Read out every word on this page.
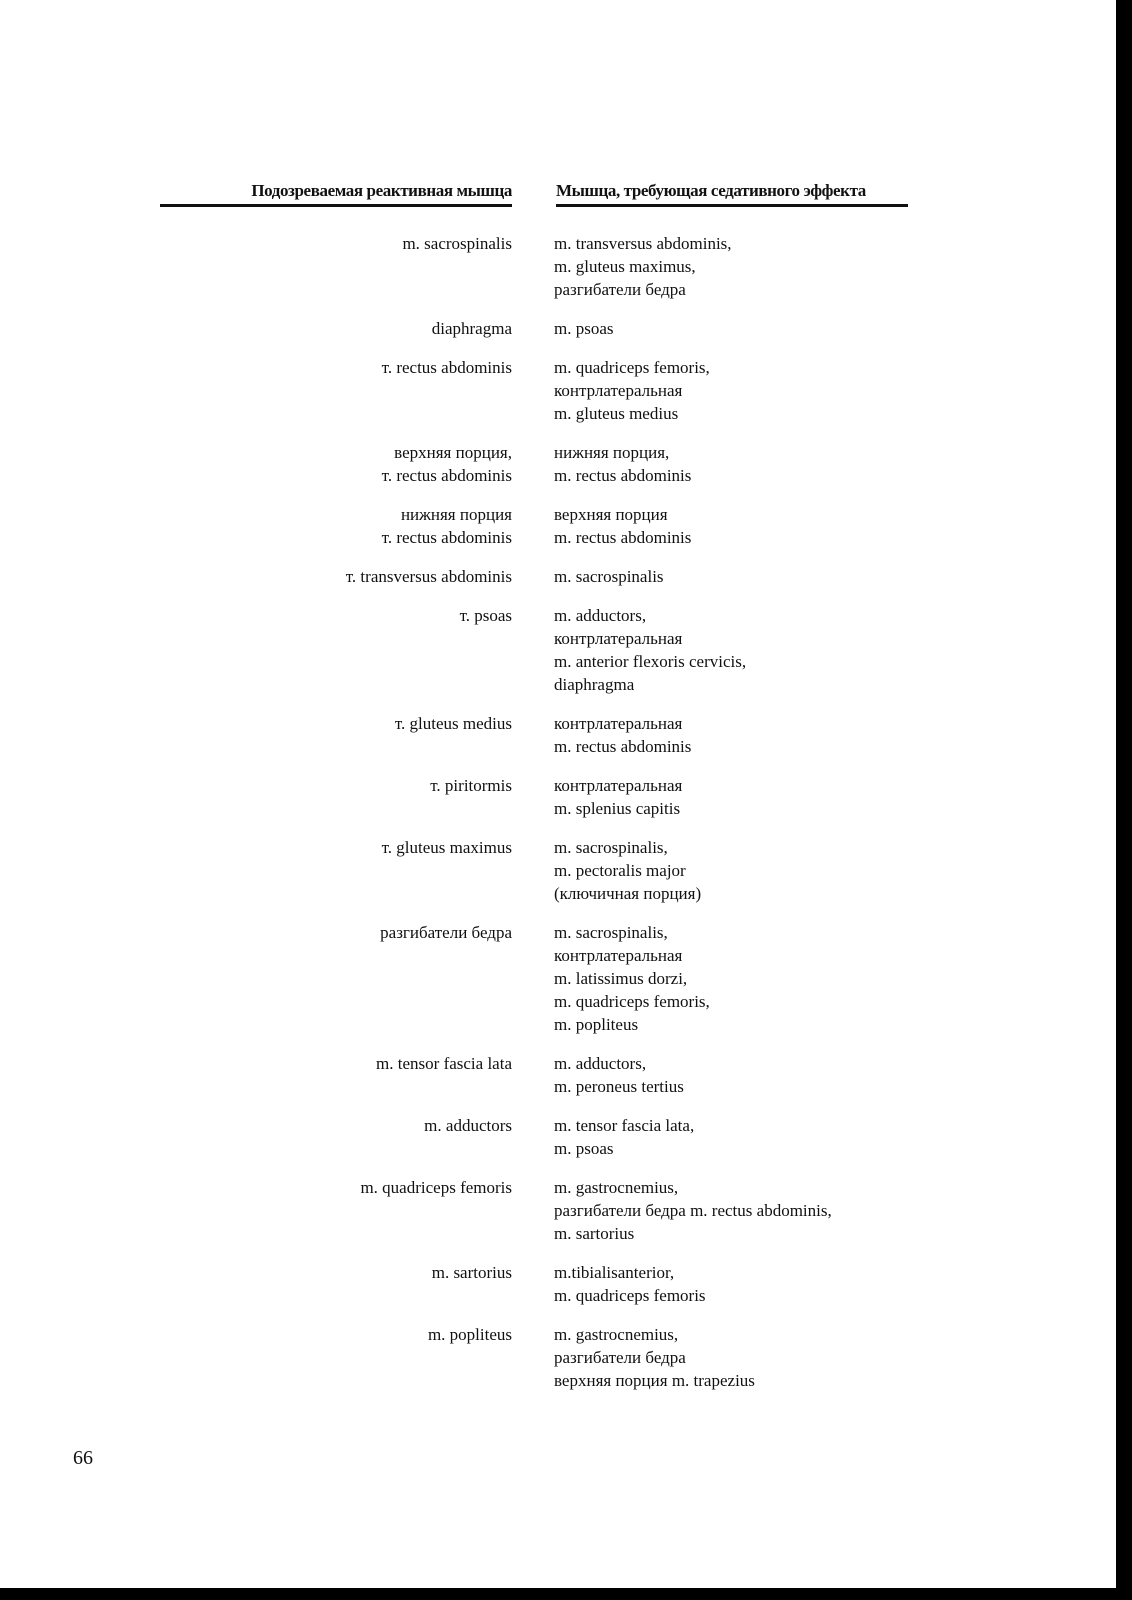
Подозреваемая реактивная мышца	Мышца, требующая седативного эффекта
m. sacrospinalis m. transversus abdominis,
m. gluteus maximus,
разгибатели бедра
diaphragma m. psoas
т. rectus abdominis m. quadriceps femoris,
контрлатеральная
m. gluteus medius
верхняя порция,
т. rectus abdominis
нижняя порция,
m. rectus abdominis
нижняя порция
т. rectus abdominis
верхняя порция
m. rectus abdominis
т. transversus abdominis m. sacrospinalis
т. psoas m. adductors,
контрлатеральная
m. anterior flexoris cervicis,
diaphragma
т. gluteus medius контрлатеральная
m. rectus abdominis
т. piritormis контрлатеральная
m. splenius capitis
т. gluteus maximus m. sacrospinalis,
m. pectoralis major
(ключичная порция)
разгибатели бедра m. sacrospinalis,
контрлатеральная
m. latissimus dorzi,
m. quadriceps femoris,
m. popliteus
m. tensor fascia lata m. adductors,
m. peroneus tertius
m. adductors m. tensor fascia lata,
m. psoas
m. quadriceps femoris m. gastrocnemius,
разгибатели бедра m. rectus abdominis,
m. sartorius
m. sartorius m.tibialisanterior,
m. quadriceps femoris
m. popliteus m. gastrocnemius,
разгибатели бедра
верхняя порция m. trapezius
66
